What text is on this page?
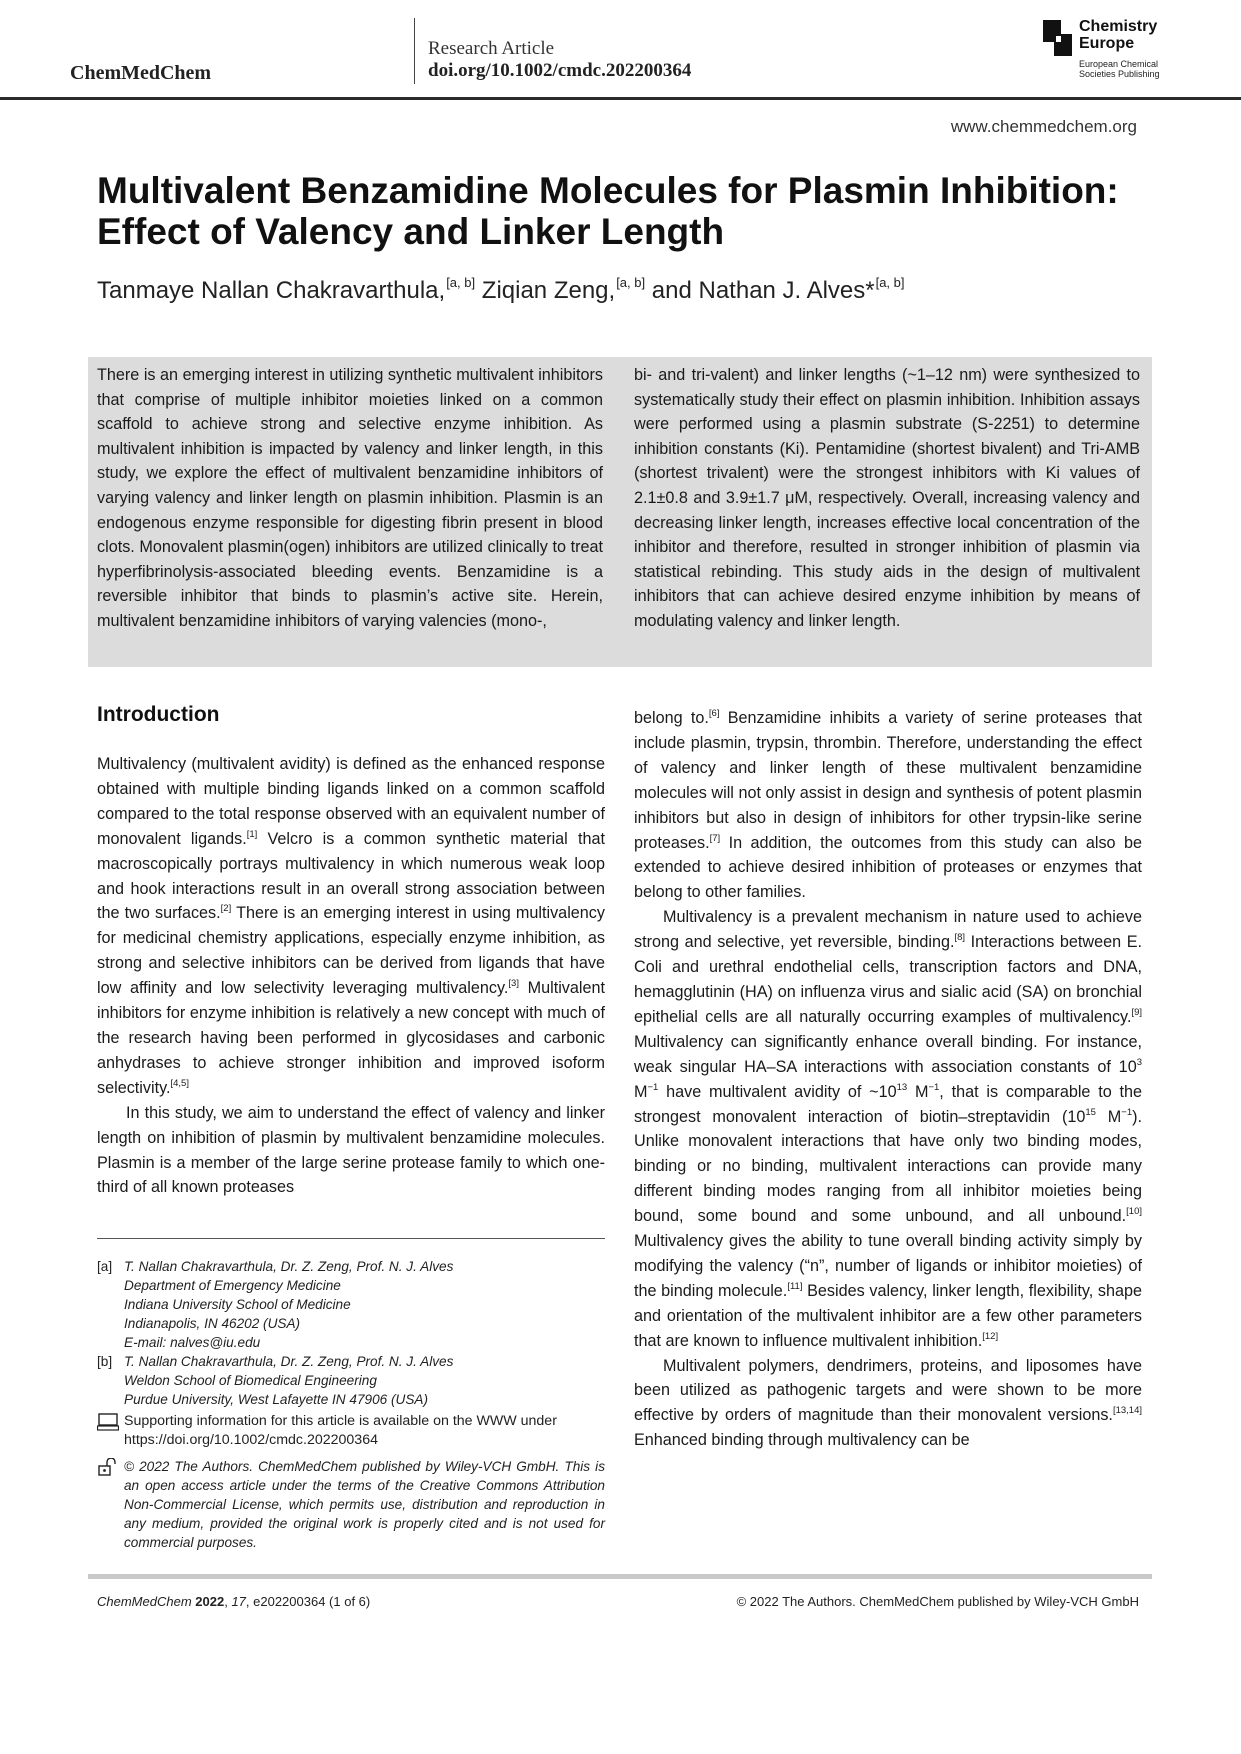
ChemMedChem
Research Article
doi.org/10.1002/cmdc.202200364
Chemistry
Europe
European Chemical
Societies Publishing
www.chemmedchem.org
Multivalent Benzamidine Molecules for Plasmin Inhibition: Effect of Valency and Linker Length
Tanmaye Nallan Chakravarthula,[a, b] Ziqian Zeng,[a, b] and Nathan J. Alves*[a, b]
There is an emerging interest in utilizing synthetic multivalent inhibitors that comprise of multiple inhibitor moieties linked on a common scaffold to achieve strong and selective enzyme inhibition. As multivalent inhibition is impacted by valency and linker length, in this study, we explore the effect of multivalent benzamidine inhibitors of varying valency and linker length on plasmin inhibition. Plasmin is an endogenous enzyme responsible for digesting fibrin present in blood clots. Monovalent plasmin(ogen) inhibitors are utilized clinically to treat hyperfibrinolysis-associated bleeding events. Benzamidine is a reversible inhibitor that binds to plasmin’s active site. Herein, multivalent benzamidine inhibitors of varying valencies (mono-,
bi- and tri-valent) and linker lengths (~1–12 nm) were synthesized to systematically study their effect on plasmin inhibition. Inhibition assays were performed using a plasmin substrate (S-2251) to determine inhibition constants (Ki). Pentamidine (shortest bivalent) and Tri-AMB (shortest trivalent) were the strongest inhibitors with Ki values of 2.1±0.8 and 3.9±1.7 μM, respectively. Overall, increasing valency and decreasing linker length, increases effective local concentration of the inhibitor and therefore, resulted in stronger inhibition of plasmin via statistical rebinding. This study aids in the design of multivalent inhibitors that can achieve desired enzyme inhibition by means of modulating valency and linker length.
Introduction

Multivalency (multivalent avidity) is defined as the enhanced response obtained with multiple binding ligands linked on a common scaffold compared to the total response observed with an equivalent number of monovalent ligands.[1] Velcro is a common synthetic material that macroscopically portrays multivalency in which numerous weak loop and hook interactions result in an overall strong association between the two surfaces.[2] There is an emerging interest in using multivalency for medicinal chemistry applications, especially enzyme inhibition, as strong and selective inhibitors can be derived from ligands that have low affinity and low selectivity leveraging multivalency.[3] Multivalent inhibitors for enzyme inhibition is relatively a new concept with much of the research having been performed in glycosidases and carbonic anhydrases to achieve stronger inhibition and improved isoform selectivity.[4,5]

In this study, we aim to understand the effect of valency and linker length on inhibition of plasmin by multivalent benzamidine molecules. Plasmin is a member of the large serine protease family to which one-third of all known proteases

belong to.[6] Benzamidine inhibits a variety of serine proteases that include plasmin, trypsin, thrombin. Therefore, understanding the effect of valency and linker length of these multivalent benzamidine molecules will not only assist in design and synthesis of potent plasmin inhibitors but also in design of inhibitors for other trypsin-like serine proteases.[7] In addition, the outcomes from this study can also be extended to achieve desired inhibition of proteases or enzymes that belong to other families.

Multivalency is a prevalent mechanism in nature used to achieve strong and selective, yet reversible, binding.[8] Interactions between E. Coli and urethral endothelial cells, transcription factors and DNA, hemagglutinin (HA) on influenza virus and sialic acid (SA) on bronchial epithelial cells are all naturally occurring examples of multivalency.[9] Multivalency can significantly enhance overall binding. For instance, weak singular HA–SA interactions with association constants of 10$^3$ M$^{-1}$ have multivalent avidity of ~10$^{13}$ M$^{-1}$, that is comparable to the strongest monovalent interaction of biotin–streptavidin (10$^{15}$ M$^{-1}$). Unlike monovalent interactions that have only two binding modes, binding or no binding, multivalent interactions can provide many different binding modes ranging from all inhibitor moieties being bound, some bound and some unbound, and all unbound.[10] Multivalency gives the ability to tune overall binding activity simply by modifying the valency (“n”, number of ligands or inhibitor moieties) of the binding molecule.[11] Besides valency, linker length, flexibility, shape and orientation of the multivalent inhibitor are a few other parameters that are known to influence multivalent inhibition.[12]

Multivalent polymers, dendrimers, proteins, and liposomes have been utilized as pathogenic targets and were shown to be more effective by orders of magnitude than their monovalent versions.[13,14] Enhanced binding through multivalency can be

[a] T. Nallan Chakravarthula, Dr. Z. Zeng, Prof. N. J. Alves
Department of Emergency Medicine
Indiana University School of Medicine
Indianapolis, IN 46202 (USA)
E-mail: nalves@iu.edu
[b] T. Nallan Chakravarthula, Dr. Z. Zeng, Prof. N. J. Alves
Weldon School of Biomedical Engineering
Purdue University, West Lafayette IN 47906 (USA)
Supporting information for this article is available on the WWW under https://doi.org/10.1002/cmdc.202200364
© 2022 The Authors. ChemMedChem published by Wiley-VCH GmbH. This is an open access article under the terms of the Creative Commons Attribution Non-Commercial License, which permits use, distribution and reproduction in any medium, provided the original work is properly cited and is not used for commercial purposes.
ChemMedChem 2022, 17, e202200364 (1 of 6)	© 2022 The Authors. ChemMedChem published by Wiley-VCH GmbH
